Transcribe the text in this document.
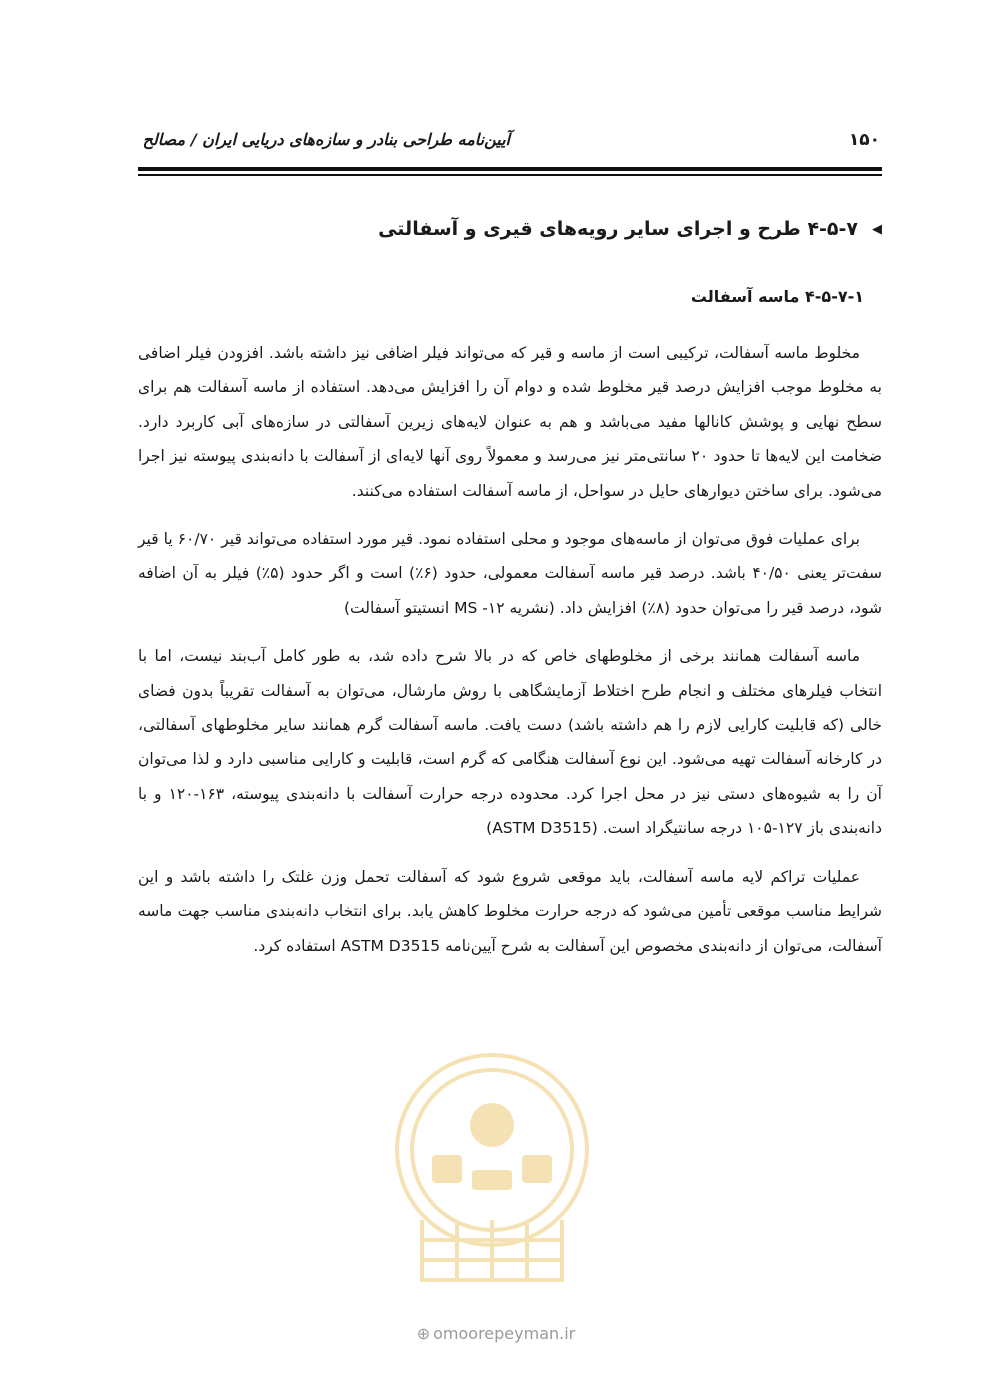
۱۵۰
آیین‌نامه طراحی بنادر و سازه‌های دریایی ایران / مصالح
◀
۴-۵-۷ طرح و اجرای سایر رویه‌های قیری و آسفالتی
۴-۵-۷-۱ ماسه آسفالت

مخلوط ماسه آسفالت، ترکیبی است از ماسه و قیر که می‌تواند فیلر اضافی نیز داشته باشد. افزودن فیلر اضافی به مخلوط موجب افزایش درصد قیر مخلوط شده و دوام آن را افزایش می‌دهد. استفاده از ماسه آسفالت هم برای سطح نهایی و پوشش کانالها مفید می‌باشد و هم به عنوان لایه‌های زیرین آسفالتی در سازه‌های آبی کاربرد دارد. ضخامت این لایه‌ها تا حدود ۲۰ سانتی‌متر نیز می‌رسد و معمولاً روی آنها لایه‌ای از آسفالت با دانه‌بندی پیوسته نیز اجرا می‌شود. برای ساختن دیوارهای حایل در سواحل، از ماسه آسفالت استفاده می‌کنند.

برای عملیات فوق می‌توان از ماسه‌های موجود و محلی استفاده نمود. قیر مورد استفاده می‌تواند قیر ۶۰/۷۰ یا قیر سفت‌تر یعنی ۴۰/۵۰ باشد. درصد قیر ماسه آسفالت معمولی، حدود (۶٪) است و اگر حدود (۵٪) فیلر به آن اضافه شود، درصد قیر را می‌توان حدود (۸٪) افزایش داد. (نشریه ۱۲- MS انستیتو آسفالت)

ماسه آسفالت همانند برخی از مخلوطهای خاص که در بالا شرح داده شد، به طور کامل آب‌بند نیست، اما با انتخاب فیلرهای مختلف و انجام طرح اختلاط آزمایشگاهی با روش مارشال، می‌توان به آسفالت تقریباً بدون فضای خالی (که قابلیت کارایی لازم را هم داشته باشد) دست یافت. ماسه آسفالت گرم همانند سایر مخلوطهای آسفالتی، در کارخانه آسفالت تهیه می‌شود. این نوع آسفالت هنگامی که گرم است، قابلیت و کارایی مناسبی دارد و لذا می‌توان آن را به شیوه‌های دستی نیز در محل اجرا کرد. محدوده درجه حرارت آسفالت با دانه‌بندی پیوسته، ۱۶۳-۱۲۰ و با دانه‌بندی باز ۱۲۷-۱۰۵ درجه سانتیگراد است. (ASTM D3515)

عملیات تراکم لایه ماسه آسفالت، باید موقعی شروع شود که آسفالت تحمل وزن غلتک را داشته باشد و این شرایط مناسب موقعی تأمین می‌شود که درجه حرارت مخلوط کاهش یابد. برای انتخاب دانه‌بندی مناسب جهت ماسه آسفالت، می‌توان از دانه‌بندی مخصوص این آسفالت به شرح آیین‌نامه ASTM D3515 استفاده کرد.

⊕ omoorepeyman.ir
